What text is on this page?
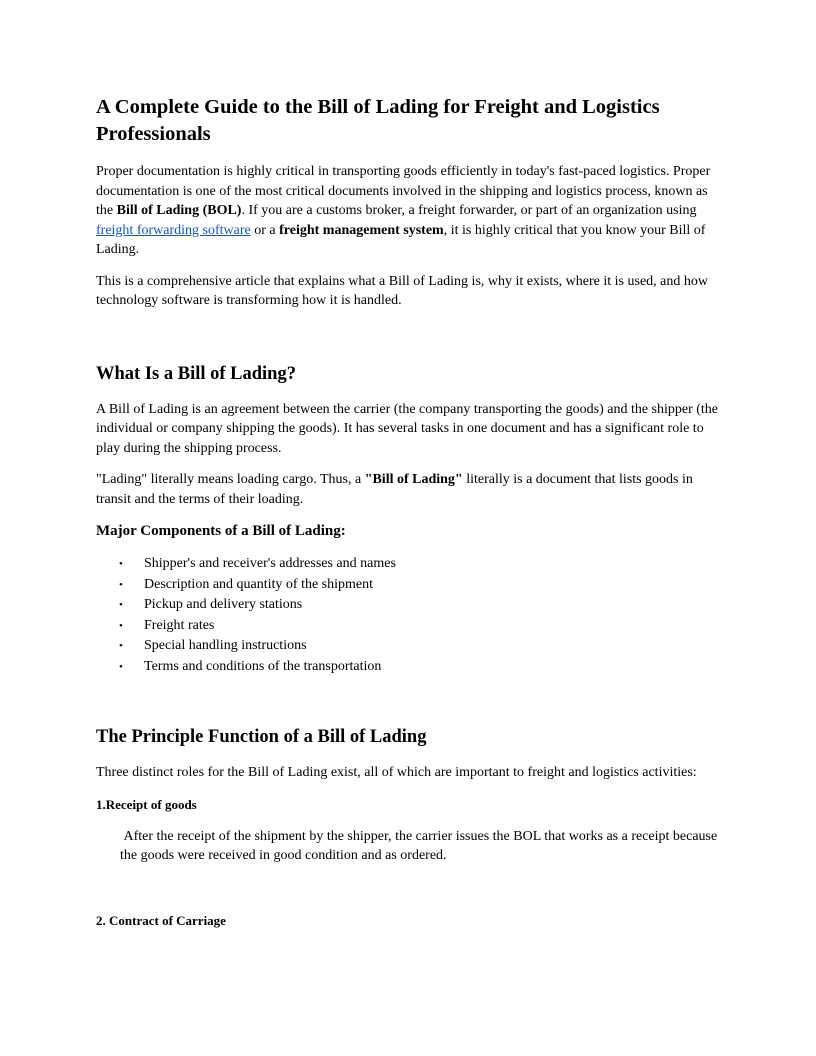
A Complete Guide to the Bill of Lading for Freight and Logistics Professionals

Proper documentation is highly critical in transporting goods efficiently in today's fast-paced logistics. Proper documentation is one of the most critical documents involved in the shipping and logistics process, known as the Bill of Lading (BOL). If you are a customs broker, a freight forwarder, or part of an organization using freight forwarding software or a freight management system, it is highly critical that you know your Bill of Lading.

This is a comprehensive article that explains what a Bill of Lading is, why it exists, where it is used, and how technology software is transforming how it is handled.

What Is a Bill of Lading?

A Bill of Lading is an agreement between the carrier (the company transporting the goods) and the shipper (the individual or company shipping the goods). It has several tasks in one document and has a significant role to play during the shipping process.

"Lading" literally means loading cargo. Thus, a "Bill of Lading" literally is a document that lists goods in transit and the terms of their loading.

Major Components of a Bill of Lading:
• Shipper's and receiver's addresses and names
• Description and quantity of the shipment
• Pickup and delivery stations
• Freight rates
• Special handling instructions
• Terms and conditions of the transportation
The Principle Function of a Bill of Lading

Three distinct roles for the Bill of Lading exist, all of which are important to freight and logistics activities:

1.Receipt of goods

After the receipt of the shipment by the shipper, the carrier issues the BOL that works as a receipt because the goods were received in good condition and as ordered.

2. Contract of Carriage
